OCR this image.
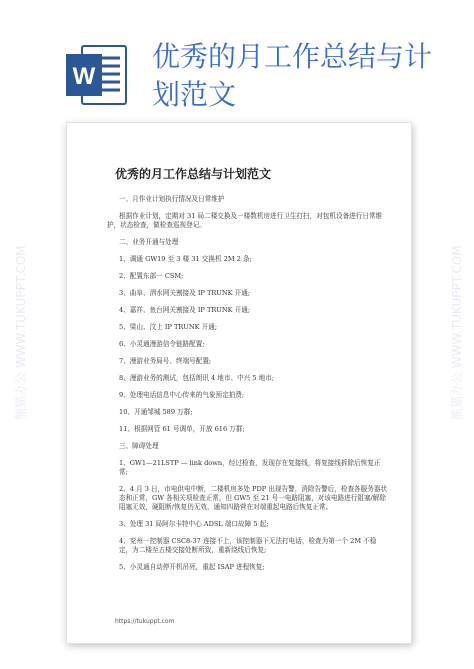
W
优秀的月工作总结与计划范文
优秀的月工作总结与计划范文
一、月作业计划执行情况及日常维护
根据作业计划，定期对 31 局二楼交换及一楼数机房进行卫生打扫，对包机设备进行日常维护，状态检查，做检查巡视登记。
二、业务开通与处理
1、调通 GW19 至 3 楼 31 交换机 2M 2 条;
2、配置东部一 CSM;
3、曲阜、泗水网关割接及 IP TRUNK 开通;
4、嘉祥、鱼台网关割接及 IP TRUNK 开通;
5、梁山、汶上 IP TRUNK 开通;
6、小灵通漫游信令链路配置;
7、漫游业务局号、终端号配置;
8、漫游业务的测试，包括朗讯 4 地市、中兴 5 地市;
9、处理电话信息中心传来的气象预定拍费;
10、开通邹城 589 万群;
11、根据网管 61 号调单，开放 616 万群;
三、障碍处理
1、GW1—21LSTP — link down，经过检查，发现存在复接线，将复接线拆除后恢复正常;
2、4 月 3 日，市电供电中断，二楼机房多处 PDP 出现告警，消除告警后，检查各服务器状态和正常，GW 各相关项检查正常，但 GW5 至 21 号一电路阻塞，对该电路进行阻塞/解除阻塞无效，硬阻断/恢复仍无效，通知四路营在对端重起电路后恢复正常。
3、处理 31 局阿尔卡特中心 ADSL 端口故障 5 起;
4、兖州一控制器 CSC8-37 连接不上，该控制器下无法打电话，检查为第一个 2M 不稳定，为二楼至五楼交接处断所致，重新绕线后恢复;
5、小灵通自动停开机吊死，重起 ISAP 进程恢复;
https://tukuppt.com
熊猫办公 WWW.TUKUPPT.COM	熊猫办公 WWW.TUKUPPT.COM
